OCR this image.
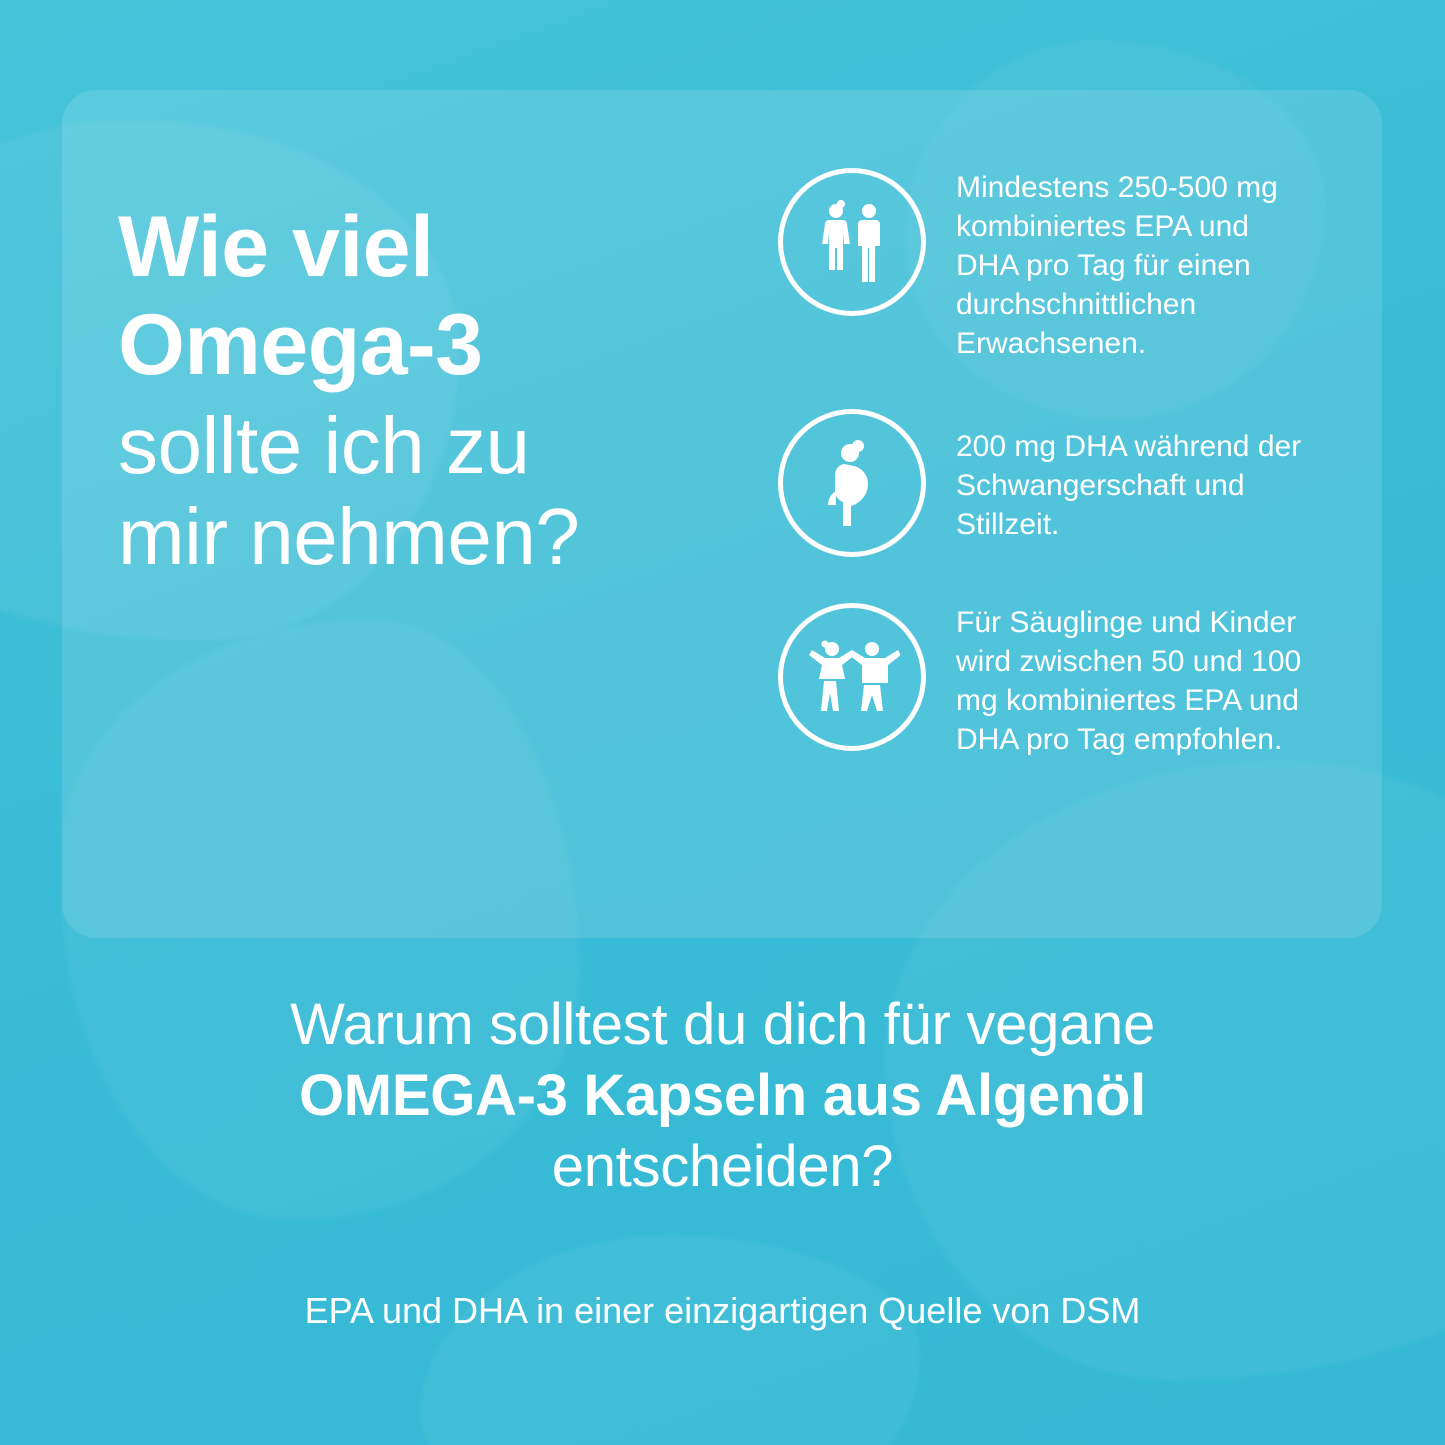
Wie viel
Omega-3
sollte ich zu
mir nehmen?
Mindestens 250-500 mg kombiniertes EPA und DHA pro Tag für einen durchschnittlichen Erwachsenen.
200 mg DHA während der Schwangerschaft und Stillzeit.
Für Säuglinge und Kinder wird zwischen 50 und 100 mg kombiniertes EPA und DHA pro Tag empfohlen.
Warum solltest du dich für vegane
OMEGA-3 Kapseln aus Algenöl
entscheiden?
EPA und DHA in einer einzigartigen Quelle von DSM
